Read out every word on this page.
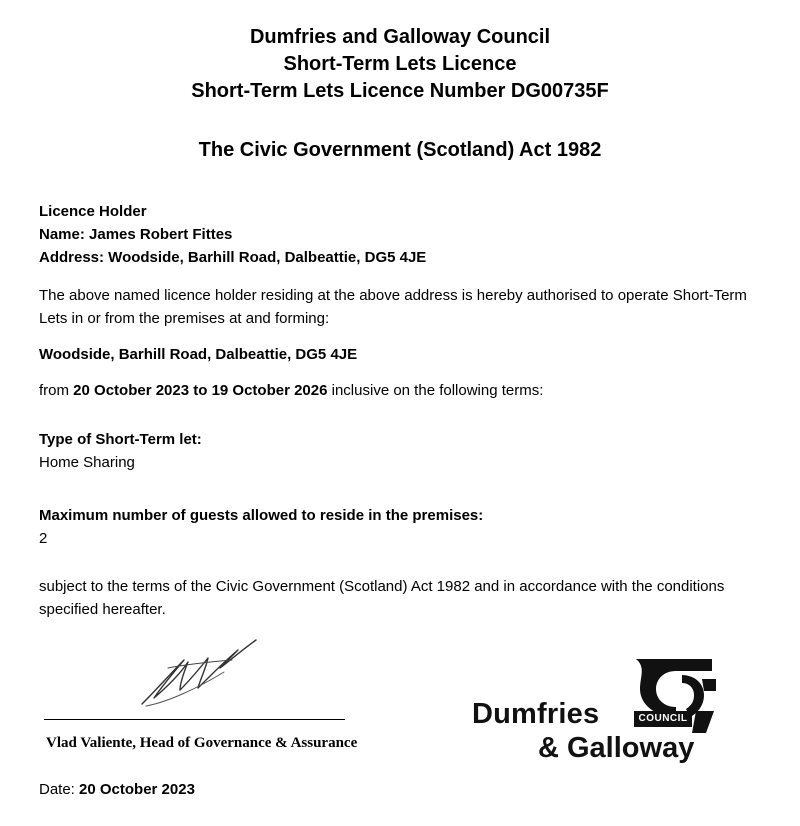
Dumfries and Galloway Council
Short-Term Lets Licence
Short-Term Lets Licence Number DG00735F
The Civic Government (Scotland) Act 1982
Licence Holder
Name: James Robert Fittes
Address: Woodside, Barhill Road, Dalbeattie, DG5 4JE
The above named licence holder residing at the above address is hereby authorised to operate Short-Term Lets in or from the premises at and forming:
Woodside, Barhill Road, Dalbeattie, DG5 4JE
from 20 October 2023 to 19 October 2026 inclusive on the following terms:
Type of Short-Term let:
Home Sharing
Maximum number of guests allowed to reside in the premises:
2
subject to the terms of the Civic Government (Scotland) Act 1982 and in accordance with the conditions specified hereafter.
Vlad Valiente, Head of Governance & Assurance
COUNCIL
Dumfries
& Galloway
Date: 20 October 2023
